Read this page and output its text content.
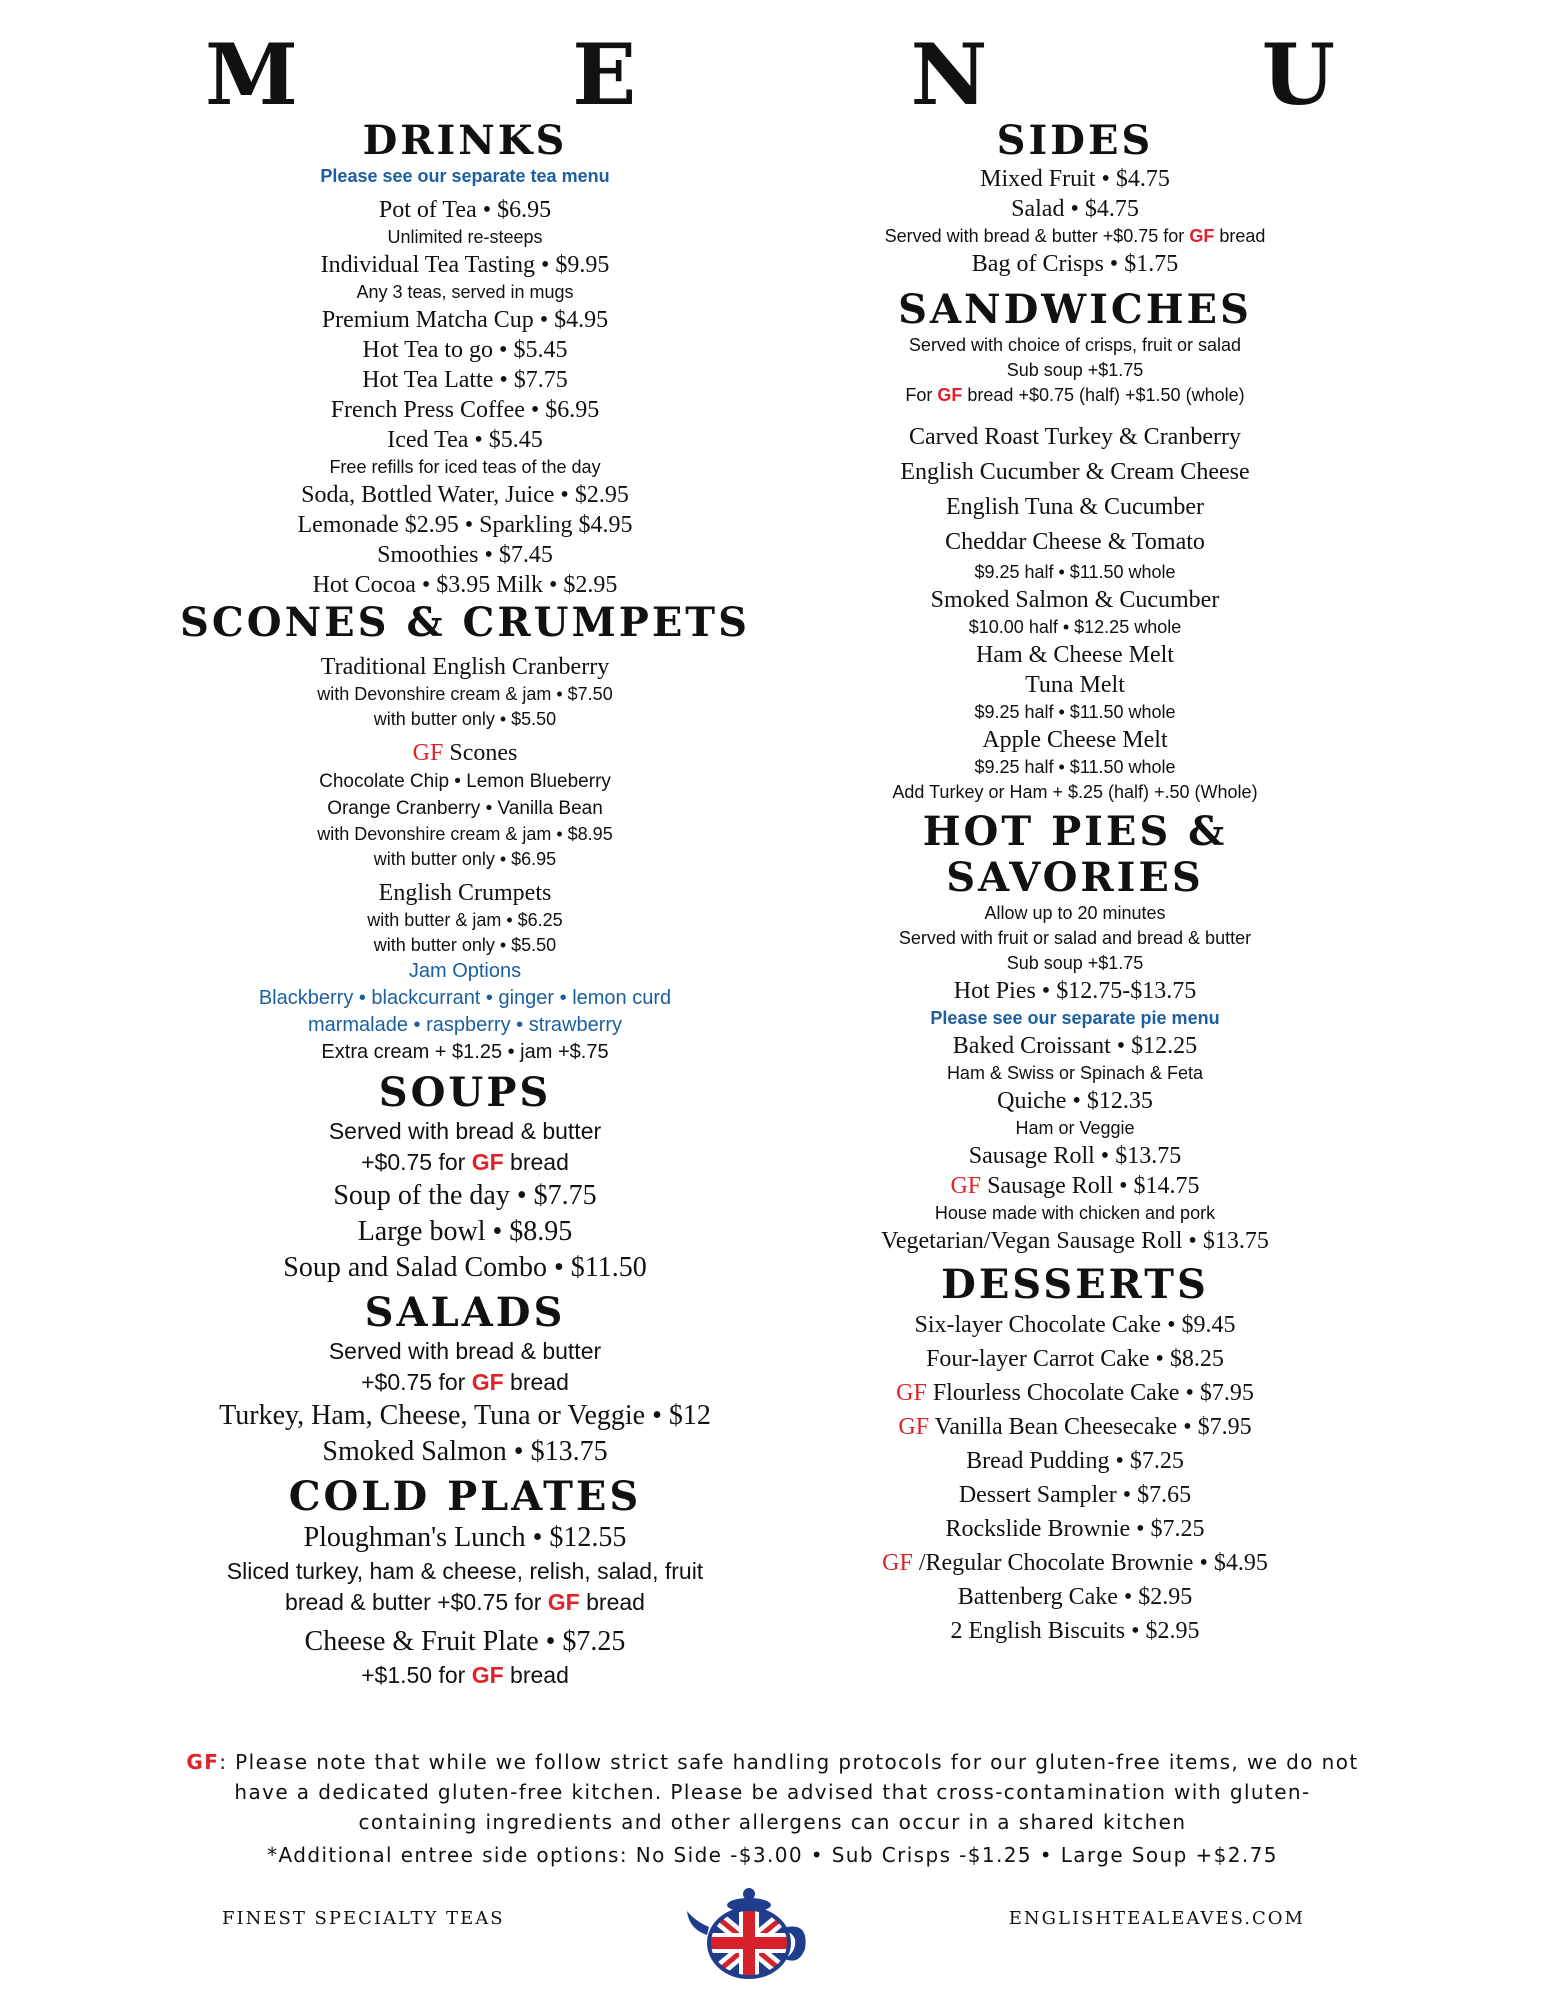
M	E	N	U
DRINKS
Please see our separate tea menu
Pot of Tea • $6.95
Unlimited re-steeps
Individual Tea Tasting • $9.95
Any 3 teas, served in mugs
Premium Matcha Cup • $4.95
Hot Tea to go • $5.45
Hot Tea Latte • $7.75
French Press Coffee • $6.95
Iced Tea • $5.45
Free refills for iced teas of the day
Soda, Bottled Water, Juice • $2.95
Lemonade $2.95 • Sparkling $4.95
Smoothies • $7.45
Hot Cocoa • $3.95 Milk • $2.95
SCONES & CRUMPETS
Traditional English Cranberry
with Devonshire cream & jam • $7.50
with butter only • $5.50
GF Scones
Chocolate Chip • Lemon Blueberry
Orange Cranberry • Vanilla Bean
with Devonshire cream & jam • $8.95
with butter only • $6.95
English Crumpets
with butter & jam • $6.25
with butter only • $5.50
Jam Options
Blackberry • blackcurrant • ginger • lemon curd
marmalade • raspberry • strawberry
Extra cream + $1.25 • jam +$.75
SOUPS
Served with bread & butter
+$0.75 for GF bread
Soup of the day • $7.75
Large bowl • $8.95
Soup and Salad Combo • $11.50
SALADS
Served with bread & butter
+$0.75 for GF bread
Turkey, Ham, Cheese, Tuna or Veggie • $12
Smoked Salmon • $13.75
COLD PLATES
Ploughman's Lunch • $12.55
Sliced turkey, ham & cheese, relish, salad, fruit
bread & butter +$0.75 for GF bread
Cheese & Fruit Plate • $7.25
+$1.50 for GF bread
SIDES
Mixed Fruit • $4.75
Salad • $4.75
Served with bread & butter +$0.75 for GF bread
Bag of Crisps • $1.75
SANDWICHES
Served with choice of crisps, fruit or salad
Sub soup +$1.75
For GF bread +$0.75 (half) +$1.50 (whole)
Carved Roast Turkey & Cranberry
English Cucumber & Cream Cheese
English Tuna & Cucumber
Cheddar Cheese & Tomato
$9.25 half • $11.50 whole
Smoked Salmon & Cucumber
$10.00 half • $12.25 whole
Ham & Cheese Melt
Tuna Melt
$9.25 half • $11.50 whole
Apple Cheese Melt
$9.25 half • $11.50 whole
Add Turkey or Ham + $.25 (half) +.50 (Whole)
HOT PIES & SAVORIES
Allow up to 20 minutes
Served with fruit or salad and bread & butter
Sub soup +$1.75
Hot Pies • $12.75-$13.75
Please see our separate pie menu
Baked Croissant • $12.25
Ham & Swiss or Spinach & Feta
Quiche • $12.35
Ham or Veggie
Sausage Roll • $13.75
GF Sausage Roll • $14.75
House made with chicken and pork
Vegetarian/Vegan Sausage Roll • $13.75
DESSERTS
Six-layer Chocolate Cake • $9.45
Four-layer Carrot Cake • $8.25
GF Flourless Chocolate Cake • $7.95
GF Vanilla Bean Cheesecake • $7.95
Bread Pudding • $7.25
Dessert Sampler • $7.65
Rockslide Brownie • $7.25
GF /Regular Chocolate Brownie • $4.95
Battenberg Cake • $2.95
2 English Biscuits • $2.95
GF: Please note that while we follow strict safe handling protocols for our gluten-free items, we do not have a dedicated gluten-free kitchen. Please be advised that cross-contamination with gluten-containing ingredients and other allergens can occur in a shared kitchen
*Additional entree side options: No Side -$3.00 • Sub Crisps -$1.25 • Large Soup +$2.75
FINEST SPECIALTY TEAS	ENGLISHTEALEAVES.COM
